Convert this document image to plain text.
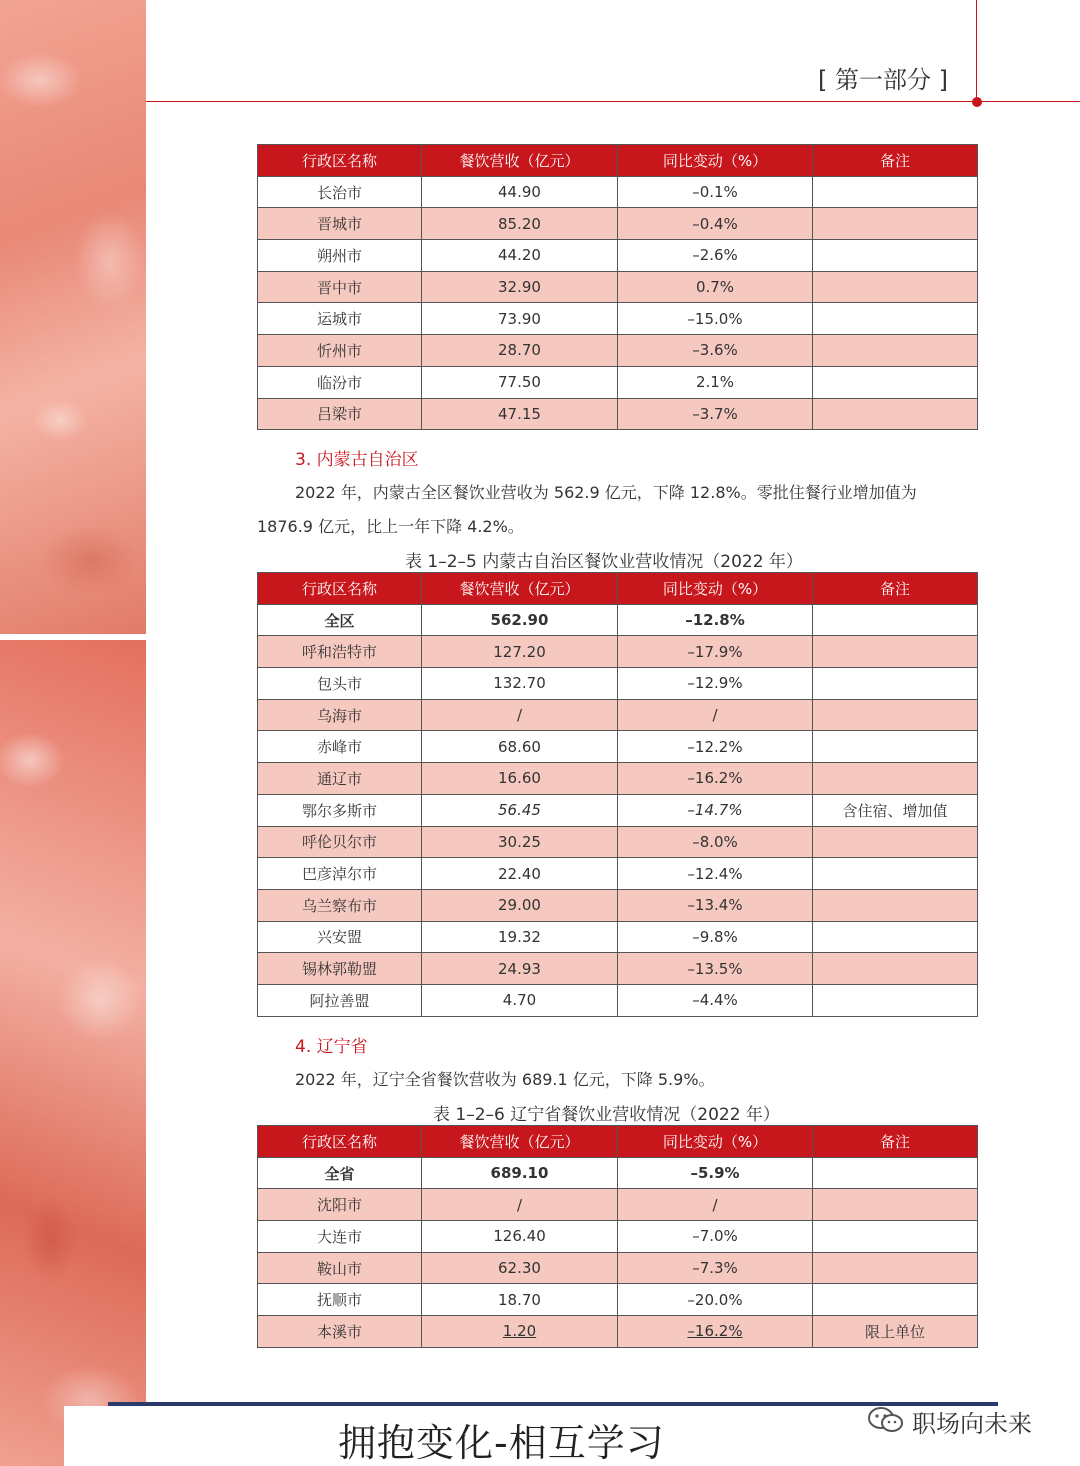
[ 第一部分 ]
行政区名称	餐饮营收（亿元）	同比变动（%）	备注
长治市	44.90	–0.1%	
晋城市	85.20	–0.4%	
朔州市	44.20	–2.6%	
晋中市	32.90	0.7%	
运城市	73.90	–15.0%	
忻州市	28.70	–3.6%	
临汾市	77.50	2.1%	
吕梁市	47.15	–3.7%	
3. 内蒙古自治区
2022 年，内蒙古全区餐饮业营收为 562.9 亿元，下降 12.8%。零批住餐行业增加值为
1876.9 亿元，比上一年下降 4.2%。
表 1–2–5 内蒙古自治区餐饮业营收情况（2022 年）
行政区名称	餐饮营收（亿元）	同比变动（%）	备注
全区	562.90	–12.8%	
呼和浩特市	127.20	–17.9%	
包头市	132.70	–12.9%	
乌海市	/	/	
赤峰市	68.60	–12.2%	
通辽市	16.60	–16.2%	
鄂尔多斯市	56.45	–14.7%	含住宿、增加值
呼伦贝尔市	30.25	–8.0%	
巴彦淖尔市	22.40	–12.4%	
乌兰察布市	29.00	–13.4%	
兴安盟	19.32	–9.8%	
锡林郭勒盟	24.93	–13.5%	
阿拉善盟	4.70	–4.4%	
4. 辽宁省
2022 年，辽宁全省餐饮营收为 689.1 亿元，下降 5.9%。
表 1–2–6 辽宁省餐饮业营收情况（2022 年）
行政区名称	餐饮营收（亿元）	同比变动（%）	备注
全省	689.10	–5.9%	
沈阳市	/	/	
大连市	126.40	–7.0%	
鞍山市	62.30	–7.3%	
抚顺市	18.70	–20.0%	
本溪市	1.20	–16.2%	限上单位
拥抱变化-相互学习	职场向未来
